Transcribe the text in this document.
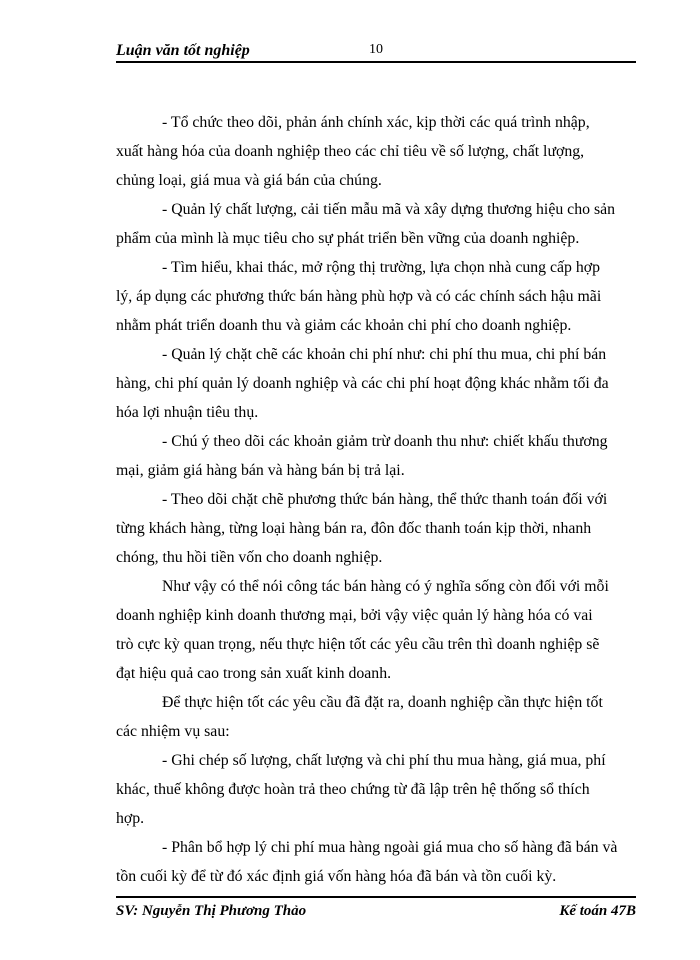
Luận văn tốt nghiệp	10

- Tổ chức theo dõi, phản ánh chính xác, kịp thời các quá trình nhập,

xuất hàng hóa của doanh nghiệp theo các chỉ tiêu về số lượng, chất lượng,

chủng loại, giá mua và giá bán của chúng.

- Quản lý chất lượng, cải tiến mẫu mã và xây dựng thương hiệu cho sản

phẩm của mình là mục tiêu cho sự phát triển bền vững của doanh nghiệp.

- Tìm hiểu, khai thác, mở rộng thị trường, lựa chọn nhà cung cấp hợp

lý, áp dụng các phương thức bán hàng phù hợp và có các chính sách hậu mãi

nhằm phát triển doanh thu và giảm các khoản chi phí cho doanh nghiệp.

- Quản lý chặt chẽ các khoản chi phí như: chi phí thu mua, chi phí bán

hàng, chi phí quản lý doanh nghiệp và các chi phí hoạt động khác nhằm tối đa

hóa lợi nhuận tiêu thụ.

- Chú ý theo dõi các khoản giảm trừ doanh thu như: chiết khấu thương

mại, giảm giá hàng bán và hàng bán bị trả lại.

- Theo dõi chặt chẽ phương thức bán hàng, thể thức thanh toán đối với

từng khách hàng, từng loại hàng bán ra, đôn đốc thanh toán kịp thời, nhanh

chóng, thu hồi tiền vốn cho doanh nghiệp.

Như vậy có thể nói công tác bán hàng có ý nghĩa sống còn đối với mỗi

doanh nghiệp kinh doanh thương mại, bởi vậy việc quản lý hàng hóa có vai

trò cực kỳ quan trọng, nếu thực hiện tốt các yêu cầu trên thì doanh nghiệp sẽ

đạt hiệu quả cao trong sản xuất kinh doanh.

Để thực hiện tốt các yêu cầu đã đặt ra, doanh nghiệp cần thực hiện tốt

các nhiệm vụ sau:

- Ghi chép số lượng, chất lượng và chi phí thu mua hàng, giá mua, phí

khác, thuế không được hoàn trả theo chứng từ đã lập trên hệ thống sổ thích

hợp.

- Phân bổ hợp lý chi phí mua hàng ngoài giá mua cho số hàng đã bán và

tồn cuối kỳ để từ đó xác định giá vốn hàng hóa đã bán và tồn cuối kỳ.

SV: Nguyễn Thị Phương Thảo	Kế toán 47B
